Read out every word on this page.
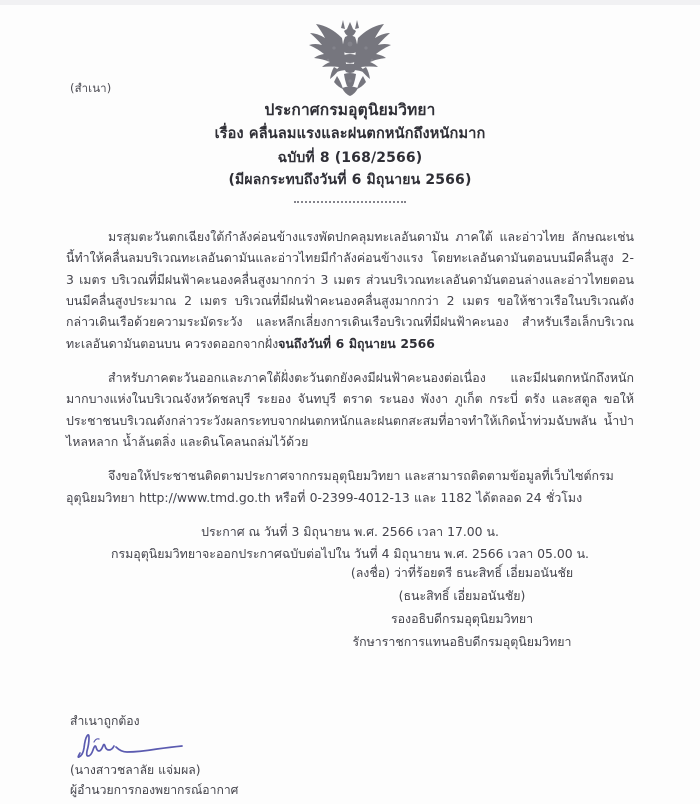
(สำเนา)
ประกาศกรมอุตุนิยมวิทยา
เรื่อง คลื่นลมแรงและฝนตกหนักถึงหนักมาก
ฉบับที่ 8 (168/2566)
(มีผลกระทบถึงวันที่ 6 มิถุนายน 2566)

มรสุมตะวันตกเฉียงใต้กำลังค่อนข้างแรงพัดปกคลุมทะเลอันดามัน ภาคใต้ และอ่าวไทย ลักษณะเช่นนี้ทำให้คลื่นลมบริเวณทะเลอันดามันและอ่าวไทยมีกำลังค่อนข้างแรง โดยทะเลอันดามันตอนบนมีคลื่นสูง 2-3 เมตร บริเวณที่มีฝนฟ้าคะนองคลื่นสูงมากกว่า 3 เมตร ส่วนบริเวณทะเลอันดามันตอนล่างและอ่าวไทยตอนบนมีคลื่นสูงประมาณ 2 เมตร บริเวณที่มีฝนฟ้าคะนองคลื่นสูงมากกว่า 2 เมตร ขอให้ชาวเรือในบริเวณดังกล่าวเดินเรือด้วยความระมัดระวัง และหลีกเลี่ยงการเดินเรือบริเวณที่มีฝนฟ้าคะนอง สำหรับเรือเล็กบริเวณทะเลอันดามันตอนบน ควรงดออกจากฝั่งจนถึงวันที่ 6 มิถุนายน 2566

สำหรับภาคตะวันออกและภาคใต้ฝั่งตะวันตกยังคงมีฝนฟ้าคะนองต่อเนื่อง และมีฝนตกหนักถึงหนักมากบางแห่งในบริเวณจังหวัดชลบุรี ระยอง จันทบุรี ตราด ระนอง พังงา ภูเก็ต กระบี่ ตรัง และสตูล ขอให้ประชาชนบริเวณดังกล่าวระวังผลกระทบจากฝนตกหนักและฝนตกสะสมที่อาจทำให้เกิดน้ำท่วมฉับพลัน น้ำป่าไหลหลาก น้ำล้นตลิ่ง และดินโคลนถล่มไว้ด้วย

จึงขอให้ประชาชนติดตามประกาศจากกรมอุตุนิยมวิทยา และสามารถติดตามข้อมูลที่เว็บไซต์กรมอุตุนิยมวิทยา http://www.tmd.go.th หรือที่ 0-2399-4012-13 และ 1182 ได้ตลอด 24 ชั่วโมง

ประกาศ ณ วันที่ 3 มิถุนายน พ.ศ. 2566 เวลา 17.00 น.

กรมอุตุนิยมวิทยาจะออกประกาศฉบับต่อไปใน วันที่ 4 มิถุนายน พ.ศ. 2566 เวลา 05.00 น.

(ลงชื่อ) ว่าที่ร้อยตรี ธนะสิทธิ์ เอี่ยมอนันชัย
(ธนะสิทธิ์ เอี่ยมอนันชัย)
รองอธิบดีกรมอุตุนิยมวิทยา
รักษาราชการแทนอธิบดีกรมอุตุนิยมวิทยา

สำเนาถูกต้อง

(นางสาวชลาลัย แจ่มผล)

ผู้อำนวยการกองพยากรณ์อากาศ
